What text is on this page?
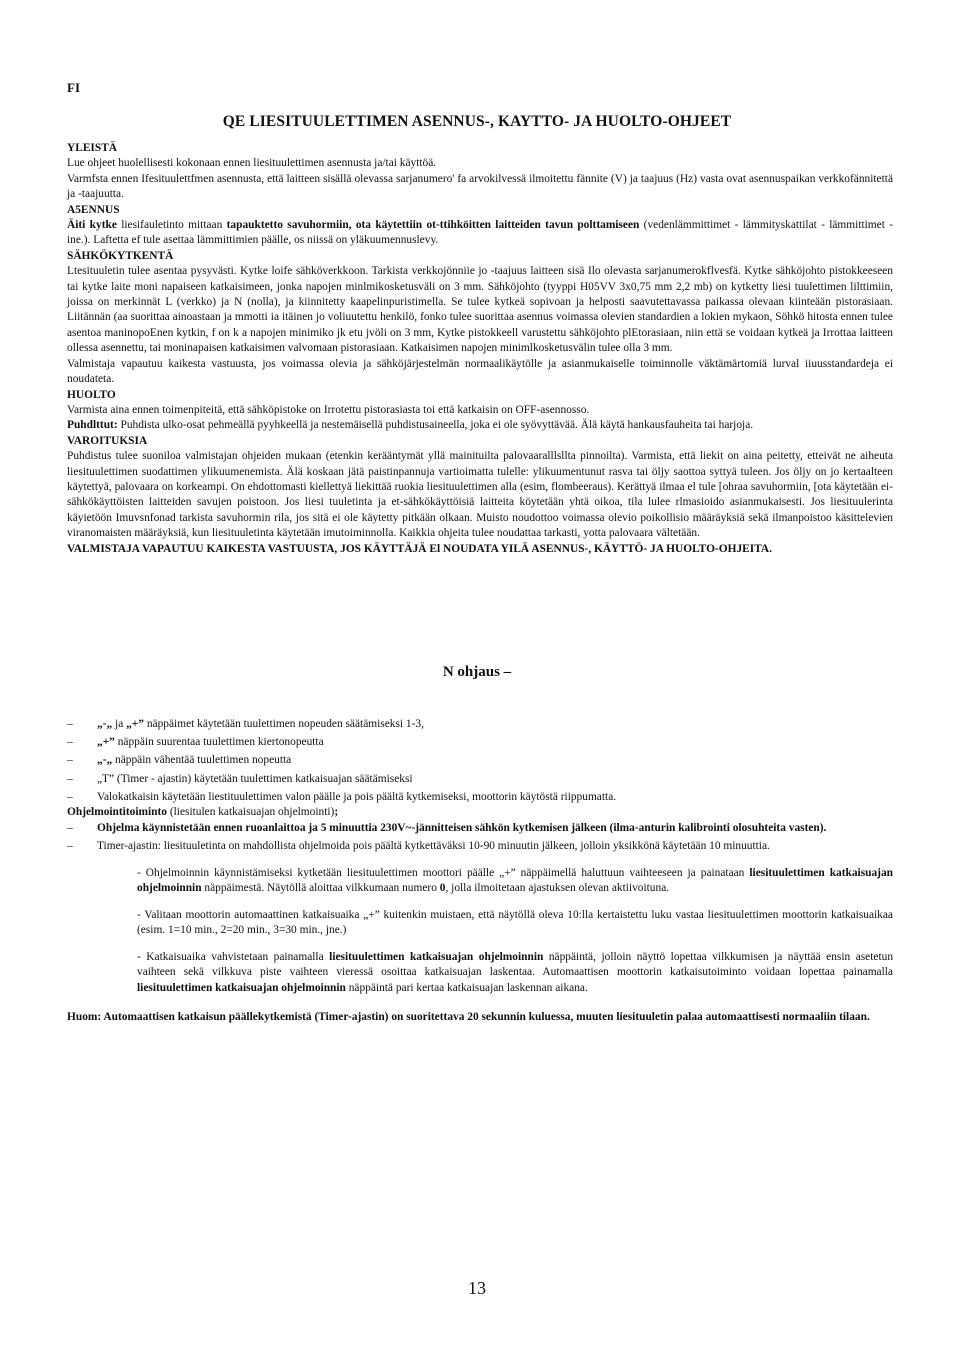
FI
QE LIESITUULETTIMEN ASENNUS-, KAYTTO- JA HUOLTO-OHJEET

YLEISTÄ

Lue ohjeet huolellisesti kokonaan ennen liesituulettimen asennusta ja/tai käyttöä.

Varmfsta ennen Ifesituulettfmen asennusta, että laitteen sisällä olevassa sarjanumero' fa arvokilvessä ilmoitettu fännite (V) ja taajuus (Hz) vasta ovat asennuspaikan verkkofännitettä ja -taajuutta.

A5ENNUS

Äiti kytke liesifauletinto mittaan tapauktetto savuhormiin, ota käytettiin ot-ttihköitten laitteiden tavun polttamiseen (vedenlämmittimet - lämmityskattilat - lämmittimet - ine.). Laftetta ef tule asettaa lämmittimien päälle, os niissä on yläkuumennuslevy.

SÄHKÖKYTKENTÄ

Ltesituuletin tulee asentaa pysyvästi. Kytke loife sähköverkkoon. Tarkista verkkojönniie jo -taajuus laitteen sisä Ilo olevasta sarjanumerokflvesfä. Kytke sähköjohto pistokkeeseen tai kytke laite moni napaiseen katkaisimeen, jonka napojen minlmikosketusväli on 3 mm. Sähköjohto (tyyppi H05VV 3x0,75 mm 2,2 mb) on kytketty liesi tuulettimen lilttimiin, joissa on merkinnät L (verkko) ja N (nolla), ja kiinnitetty kaapelinpuristimella. Se tulee kytkeä sopivoan ja helposti saavutettavassa paikassa olevaan kiinteään pistorasiaan. Liitännän (aa suorittaa ainoastaan ja mmotti ia itäinen jo voliuutettu henkilö, fonko tulee suorittaa asennus voimassa olevien standardien a lokien mykaon, Söhkö hitosta ennen tulee asentoa maninopoEnen kytkin, f on k a napojen minimiko jk etu jvöli on 3 mm, Kytke pistokkeell varustettu sähköjohto plEtorasiaan, niin että se voidaan kytkeä ja Irrottaa laitteen ollessa asennettu, tai moninapaisen katkaisimen valvomaan pistorasiaan. Katkaisimen napojen minimlkosketusvälin tulee olla 3 mm.

Valmistaja vapautuu kaikesta vastuusta, jos voimassa olevia ja sähköjärjestelmän normaalikäytölle ja asianmukaiselle toiminnolle väktämärtomiä lurval iiuusstandardeja ei noudateta.

HUOLTO

Varmista aina ennen toimenpiteitä, että sähköpistoke on Irrotettu pistorasiasta toi että katkaisin on OFF-asennosso.

Puhdlttut: Puhdista ulko-osat pehmeällä pyyhkeellä ja nestemäisellä puhdistusaineella, joka ei ole syövyttävää. Älä käytä hankausfauheita tai harjoja.

VAROITUKSIA

Puhdistus tulee suoniloa valmistajan ohjeiden mukaan (etenkin kerääntymät yllä mainituilta palovaaralllsllta pinnoilta). Varmista, että liekit on aina peitetty, etteivät ne aiheuta liesituulettimen suodattimen ylikuumenemista. Älä koskaan jätä paistinpannuja vartioimatta tulelle: ylikuumentunut rasva tai öljy saottoa syttyä tuleen. Jos öljy on jo kertaalteen käytettyä, palovaara on korkeampi. On ehdottomasti kiellettyä liekittää ruokia liesituulettimen alla (esim, flombeeraus). Kerättyä ilmaa el tule [ohraa savuhormiin, [ota käytetään ei-sähkökäyttöisten laitteiden savujen poistoon. Jos liesi tuuletinta ja et-sähkökäyttöisiä laitteita köytetään yhtä oikoa, tila lulee rlmasioido asianmukaisesti. Jos liesituulerinta käyietöön Imuvsnfonad tarkista savuhormin rila, jos sitä ei ole käytetty pitkään olkaan. Muisto noudottoo voimassa olevio poikollisio määräyksiä sekä ilmanpoistoo käsittelevien viranomaisten määräyksiä, kun liesituuletinta käytetään imutoiminnolla. Kaikkia ohjeita tulee noudattaa tarkasti, yotta palovaara vältetään.

VALMISTAJA VAPAUTUU KAIKESTA VASTUUSTA, JOS KÄYTTÄJÄ El NOUDATA YILÄ ASENNUS-, KÄYTTÖ- JA HUOLTO-OHJEITA.

N ohjaus –

– „-„ ja „+” näppäimet käytetään tuulettimen nopeuden säätämiseksi 1-3,

– „+” näppäin suurentaa tuulettimen kiertonopeutta

– „-„ näppäin vähentää tuulettimen nopeutta

– „T” (Timer - ajastin) käytetään tuulettimen katkaisuajan säätämiseksi

– Valokatkaisin käytetään liestituulettimen valon päälle ja pois päältä kytkemiseksi, moottorin käytöstä riippumatta.

Ohjelmointitoiminto (liesitulen katkaisuajan ohjelmointi);

– Ohjelma käynnistetään ennen ruoanlaittoa ja 5 minuuttia 230V~-jännitteisen sähkön kytkemisen jälkeen (ilma-anturin kalibrointi olosuhteita vasten).

– Timer-ajastin: liesituuletinta on mahdollista ohjelmoida pois päältä kytkettäväksi 10-90 minuutin jälkeen, jolloin yksikkönä käytetään 10 minuuttia.

- Ohjelmoinnin käynnistämiseksi kytketään liesituulettimen moottori päälle „+” näppäimellä haluttuun vaihteeseen ja painataan liesituulettimen katkaisuajan ohjelmoinnin näppäimestä. Näytöllä aloittaa vilkkumaan numero 0, jolla ilmoitetaan ajastuksen olevan aktiivoituna.

- Valitaan moottorin automaattinen katkaisuaika „+” kuitenkin muistaen, että näytöllä oleva 10:lla kertaistettu luku vastaa liesituulettimen moottorin katkaisuaikaa (esim. 1=10 min., 2=20 min., 3=30 min., jne.)

- Katkaisuaika vahvistetaan painamalla liesituulettimen katkaisuajan ohjelmoinnin näppäintä, jolloin näyttö lopettaa vilkkumisen ja näyttää ensin asetetun vaihteen sekä vilkkuva piste vaihteen vieressä osoittaa katkaisuajan laskentaa. Automaattisen moottorin katkaisutoiminto voidaan lopettaa painamalla liesituulettimen katkaisuajan ohjelmoinnin näppäintä pari kertaa katkaisuajan laskennan aikana.

Huom: Automaattisen katkaisun päällekytkemistä (Timer-ajastin) on suoritettava 20 sekunnin kuluessa, muuten liesituuletin palaa automaattisesti normaaliin tilaan.
13
